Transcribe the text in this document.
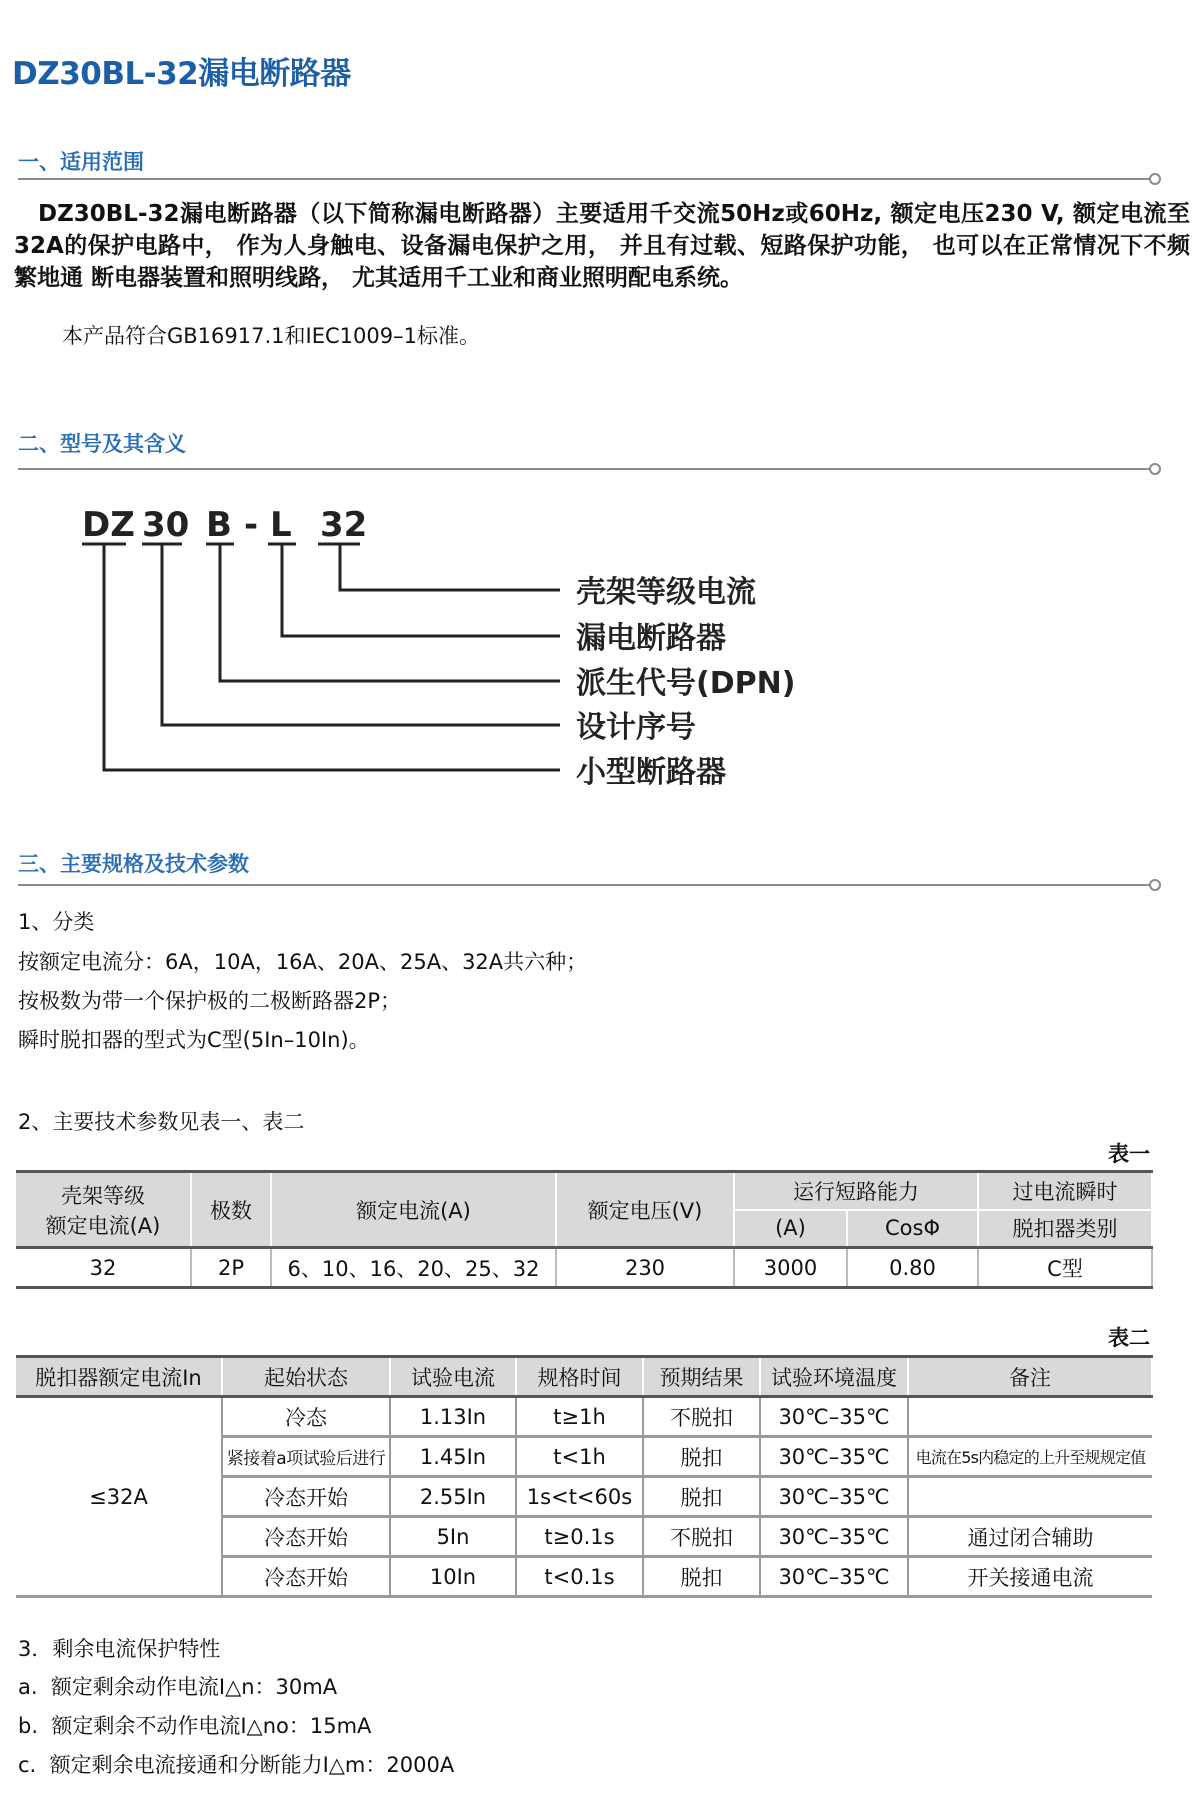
DZ30BL-32漏电断路器
一、适用范围
DZ30BL-32漏电断路器（以下简称漏电断路器）主要适用千交流50Hz或60Hz, 额定电压230 V, 额定电流至32A的保护电路中， 作为人身触电、设备漏电保护之用， 并且有过载、短路保护功能， 也可以在正常情况下不频繁地通 断电器装置和照明线路， 尤其适用千工业和商业照明配电系统。
本产品符合GB16917.1和IEC1009–1标准。
二、型号及其含义
DZ 30 B - L 32
壳架等级电流
漏电断路器
派生代号(DPN)
设计序号
小型断路器
三、主要规格及技术参数
1、分类
按额定电流分：6A，10A，16A、20A、25A、32A共六种；
按极数为带一个保护极的二极断路器2P；
瞬时脱扣器的型式为C型(5In–10In)。
2、主要技术参数见表一、表二
表一
壳架等级
额定电流(A)	极数	额定电流(A)	额定电压(V)	运行短路能力		过电流瞬时
				(A)	CosΦ	脱扣器类别
32	2P	6、10、16、20、25、32	230	3000	0.80	C型
表二
脱扣器额定电流In	起始状态	试验电流	规格时间	预期结果	试验环境温度	备注
≤32A	冷态	1.13In	t≥1h	不脱扣	30℃–35℃	
	紧接着a项试验后进行	1.45In	t<1h	脱扣	30℃–35℃	电流在5s内稳定的上升至规规定值
	冷态开始	2.55In	1s<t<60s	脱扣	30℃–35℃	
	冷态开始	5In	t≥0.1s	不脱扣	30℃–35℃	通过闭合辅助
	冷态开始	10In	t<0.1s	脱扣	30℃–35℃	开关接通电流
3．剩余电流保护特性
a.  额定剩余动作电流I△n：30mA
b.  额定剩余不动作电流I△no：15mA
c.  额定剩余电流接通和分断能力I△m：2000A
